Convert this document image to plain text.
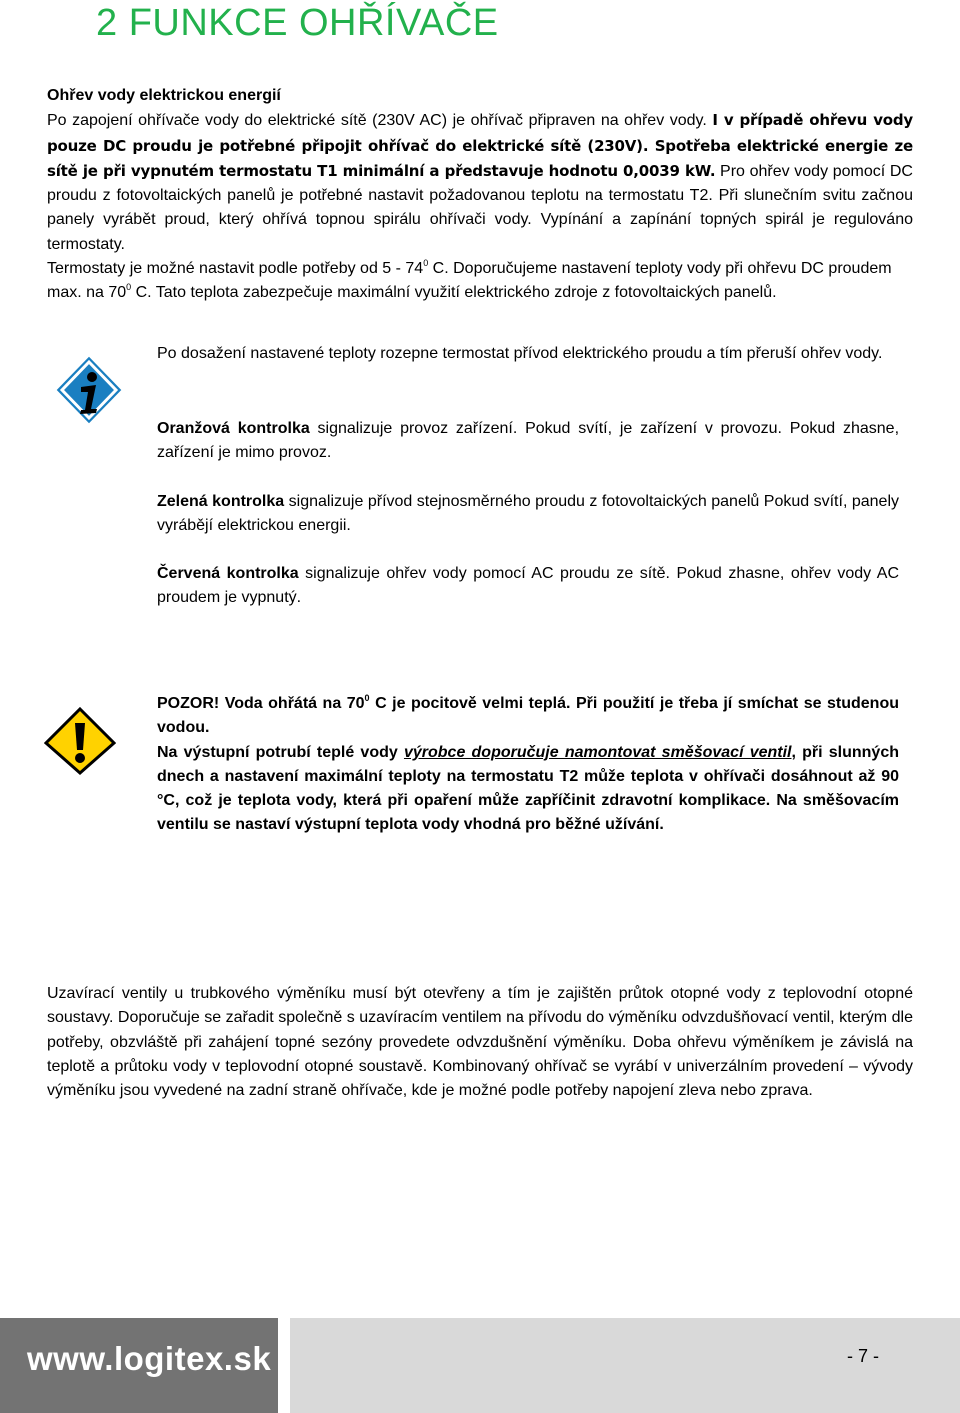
2 FUNKCE OHŘÍVAČE
Ohřev vody elektrickou energií
Po zapojení ohřívače vody do elektrické sítě (230V AC) je ohřívač připraven na ohřev vody. I v případě ohřevu vody pouze DC proudu je potřebné připojit ohřívač do elektrické sítě (230V). Spotřeba elektrické energie ze sítě je při vypnutém termostatu T1 minimální a představuje hodnotu 0,0039 kW. Pro ohřev vody pomocí DC proudu z fotovoltaických panelů je potřebné nastavit požadovanou teplotu na termostatu T2. Při slunečním svitu začnou panely vyrábět proud, který ohřívá topnou spirálu ohřívači vody. Vypínání a zapínání topných spirál je regulováno termostaty.
Termostaty je možné nastavit podle potřeby od $5 - 74^0$ C. Doporučujeme nastavení teploty vody při ohřevu DC proudem max. na $70^0$ C. Tato teplota zabezpečuje maximální využití elektrického zdroje z fotovoltaických panelů.
Po dosažení nastavené teploty rozepne termostat přívod elektrického proudu a tím přeruší ohřev vody.
Oranžová kontrolka signalizuje provoz zařízení. Pokud svítí, je zařízení v provozu. Pokud zhasne, zařízení je mimo provoz.
Zelená kontrolka signalizuje přívod stejnosměrného proudu z fotovoltaických panelů Pokud svítí, panely vyrábějí elektrickou energii.
Červená kontrolka signalizuje ohřev vody pomocí AC proudu ze sítě. Pokud zhasne, ohřev vody AC proudem je vypnutý.
POZOR! Voda ohřátá na $70^0$ C je pocitově velmi teplá. Při použití je třeba jí smíchat se studenou vodou.
Na výstupní potrubí teplé vody výrobce doporučuje namontovat směšovací ventil, při slunných dnech a nastavení maximální teploty na termostatu T2 může teplota v ohřívači dosáhnout až 90 °C, což je teplota vody, která při opaření může zapříčinit zdravotní komplikace. Na směšovacím ventilu se nastaví výstupní teplota vody vhodná pro běžné užívání.
Uzavírací ventily u trubkového výměníku musí být otevřeny a tím je zajištěn průtok otopné vody z teplovodní otopné soustavy. Doporučuje se zařadit společně s uzavíracím ventilem na přívodu do výměníku odvzdušňovací ventil, kterým dle potřeby, obzvláště při zahájení topné sezóny provedete odvzdušnění výměníku. Doba ohřevu výměníkem je závislá na teplotě a průtoku vody v teplovodní otopné soustavě. Kombinovaný ohřívač se vyrábí v univerzálním provedení – vývody výměníku jsou vyvedené na zadní straně ohřívače, kde je možné podle potřeby napojení zleva nebo zprava.
www.logitex.sk	- 7 -
